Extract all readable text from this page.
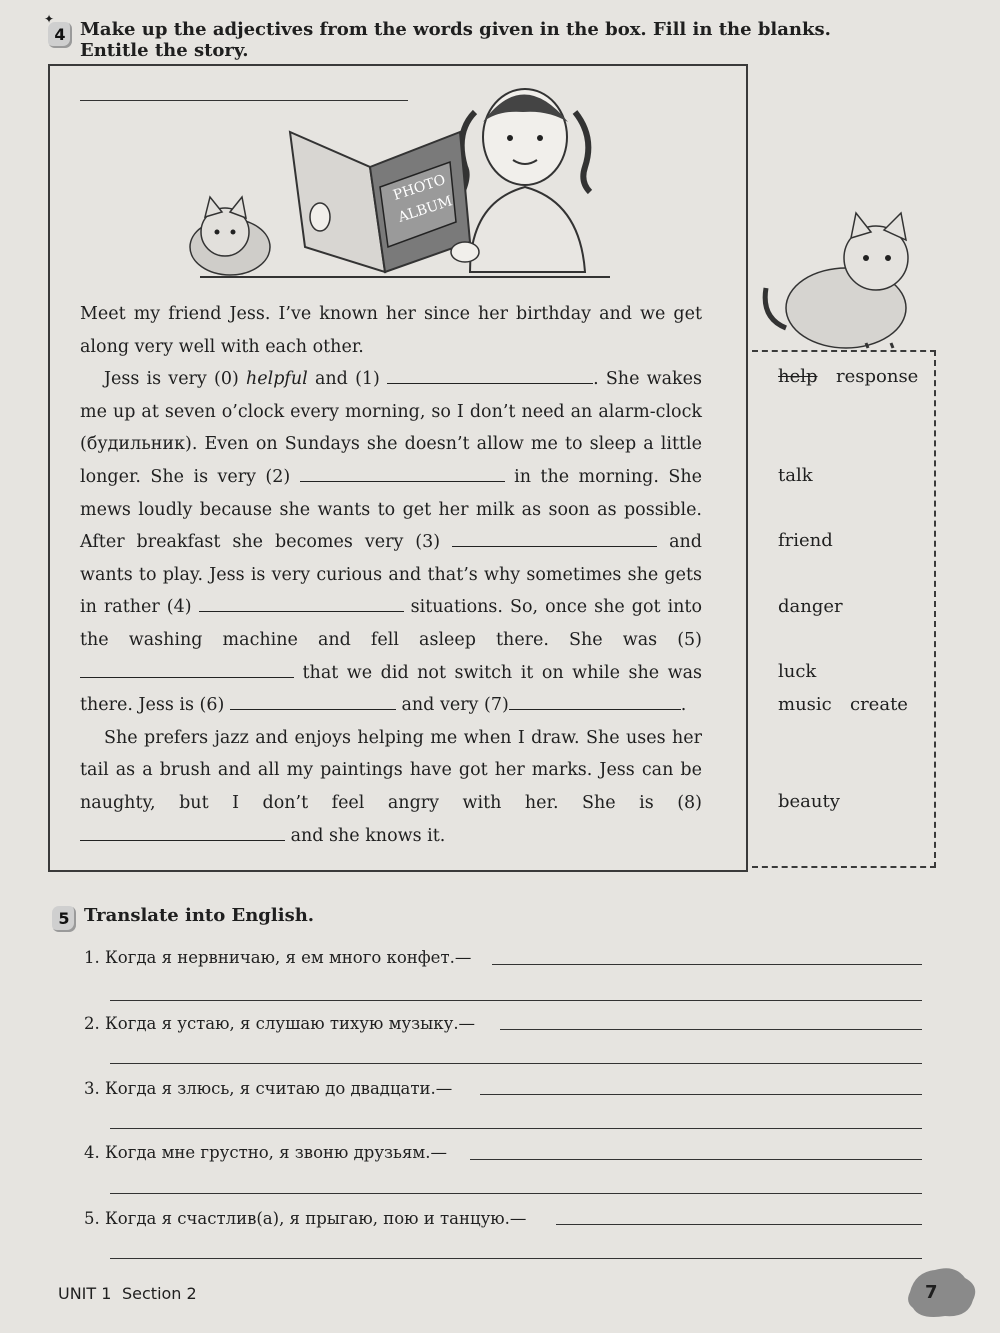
4
✦ Make up the adjectives from the words given in the box. Fill in the blanks. Entitle the story.
PHOTO
ALBUM

Meet my friend Jess. I’ve known her since her birthday and we get along very well with each other.

Jess is very (0) helpful and (1)	. She wakes me up at seven o’clock every morning, so I don’t need an alarm-clock (будильник). Even on Sundays she doesn’t allow me to sleep a little longer. She is very (2)	in the morning. She mews loudly because she wants to get her milk as soon as possible. After breakfast she becomes very (3)	and wants to play. Jess is very curious and that’s why sometimes she gets in rather (4)	situations. So, once she got into the washing machine and fell asleep there. She was (5) that we did not switch it on while she was there. Jess is (6)	and very (7)	.

She prefers jazz and enjoys helping me when I draw. She uses her tail as a brush and all my paintings have got her marks. Jess can be naughty, but I don’t feel angry with her. She is (8)  and she knows it.

help response
talk
friend
danger
luck
music create
beauty
5 Translate into English.
1. Когда я нервничаю, я ем много конфет.—
2. Когда я устаю, я слушаю тихую музыку.—
3. Когда я злюсь, я считаю до двадцати.—
4. Когда мне грустно, я звоню друзьям.—
5. Когда я счастлив(а), я прыгаю, пою и танцую.—
UNIT 1 Section 2	7
